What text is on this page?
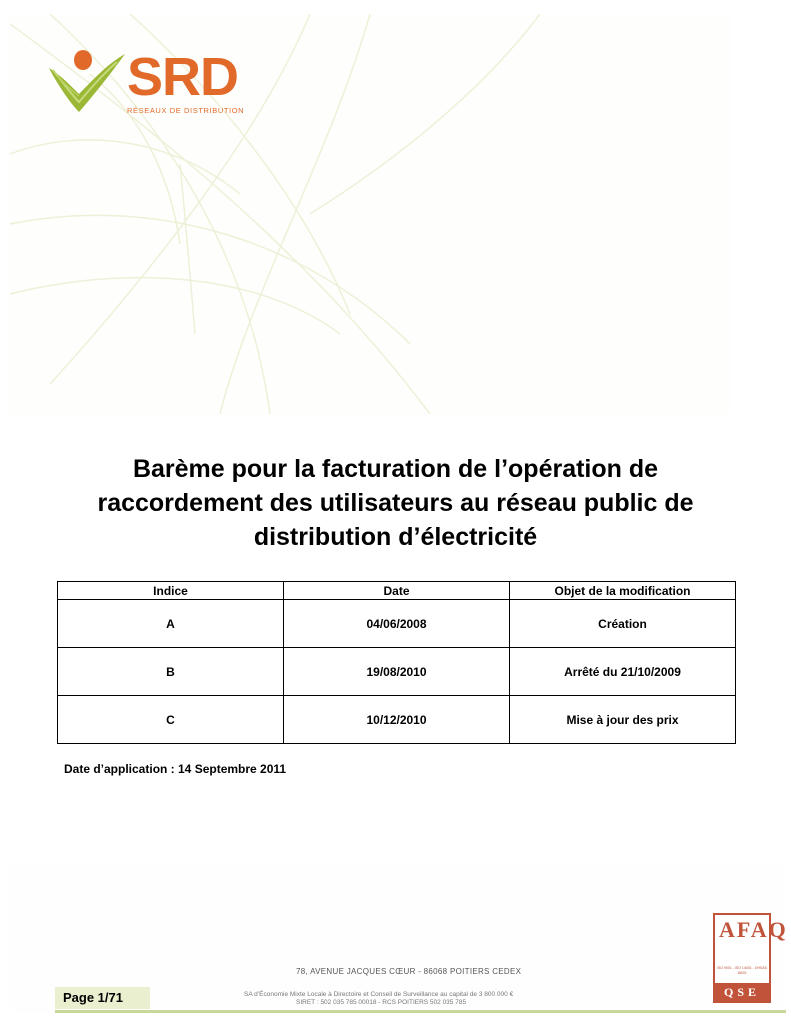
SRD
RÉSEAUX DE DISTRIBUTION
Barème pour la facturation de l’opération de raccordement des utilisateurs au réseau public de distribution d’électricité
Indice	Date	Objet de la modification
A	04/06/2008	Création
B	19/08/2010	Arrêté du 21/10/2009
C	10/12/2010	Mise à jour des prix
Date d’application : 14 Septembre 2011
78, AVENUE JACQUES CŒUR - 86068 POITIERS CEDEX
SA d’Économie Mixte Locale à Directoire et Conseil de Surveillance au capital de 3 800 000 €
SIRET : 502 035 785 00018 - RCS POITIERS 502 035 785
Page 1/71
AFAQ
ISO 9001 - ISO 14001 - OHSAS 18001
QSE
